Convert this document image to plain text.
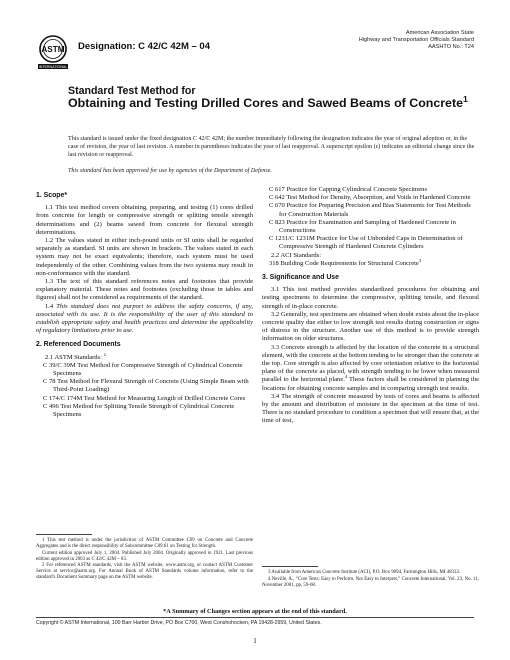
ASTM
INTERNATIONAL
Designation: C 42/C 42M – 04
American Association State
Highway and Transportation Officials Standard
AASHTO No.: T24
Standard Test Method for
Obtaining and Testing Drilled Cores and Sawed Beams of Concrete$^1$
This standard is issued under the fixed designation C 42/C 42M; the number immediately following the designation indicates the year of original adoption or, in the case of revision, the year of last revision. A number in parentheses indicates the year of last reapproval. A superscript epsilon (ε) indicates an editorial change since the last revision or reapproval.
This standard has been approved for use by agencies of the Department of Defense.
1. Scope*

1.1 This test method covers obtaining, preparing, and testing (1) cores drilled from concrete for length or compressive strength or splitting tensile strength determinations and (2) beams sawed from concrete for flexural strength determinations.

1.2 The values stated in either inch-pound units or SI units shall be regarded separately as standard. SI units are shown in brackets. The values stated in each system may not be exact equivalents; therefore, each system must be used independently of the other. Combining values from the two systems may result in non-conformance with the standard.

1.3 The text of this standard references notes and footnotes that provide explanatory material. These notes and footnotes (excluding those in tables and figures) shall not be considered as requirements of the standard.

1.4 This standard does not purport to address the safety concerns, if any, associated with its use. It is the responsibility of the user of this standard to establish appropriate safety and health practices and determine the applicability of regulatory limitations prior to use.

2. Referenced Documents

2.1 ASTM Standards: $^2$

C 39/C 39M Test Method for Compressive Strength of Cylindrical Concrete Specimens

C 78 Test Method for Flexural Strength of Concrete (Using Simple Beam with Third-Point Loading)

C 174/C 174M Test Method for Measuring Length of Drilled Concrete Cores

C 496 Test Method for Splitting Tensile Strength of Cylindrical Concrete Specimens

1 This test method is under the jurisdiction of ASTM Committee C09 on Concrete and Concrete Aggregates and is the direct responsibility of Subcommittee C09.61 on Testing for Strength.

Current edition approved July 1, 2004. Published July 2004. Originally approved in 1921. Last previous edition approved in 2003 as C 42/C 42M – 03.

2 For referenced ASTM standards, visit the ASTM website, www.astm.org, or contact ASTM Customer Service at service@astm.org. For Annual Book of ASTM Standards volume information, refer to the standard's Document Summary page on the ASTM website.

C 617 Practice for Capping Cylindrical Concrete Specimens

C 642 Test Method for Density, Absorption, and Voids in Hardened Concrete

C 670 Practice for Preparing Precision and Bias Statements for Test Methods for Construction Materials

C 823 Practice for Examination and Sampling of Hardened Concrete in Constructions

C 1231/C 1231M Practice for Use of Unbonded Caps in Determination of Compressive Strength of Hardened Concrete Cylinders

2.2 ACI Standards:

318 Building Code Requirements for Structural Concrete$^3$

3. Significance and Use

3.1 This test method provides standardized procedures for obtaining and testing specimens to determine the compressive, splitting tensile, and flexural strength of in-place concrete.

3.2 Generally, test specimens are obtained when doubt exists about the in-place concrete quality due either to low strength test results during construction or signs of distress in the structure. Another use of this method is to provide strength information on older structures.

3.3 Concrete strength is affected by the location of the concrete in a structural element, with the concrete at the bottom tending to be stronger than the concrete at the top. Core strength is also affected by core orientation relative to the horizontal plane of the concrete as placed, with strength tending to be lower when measured parallel to the horizontal plane.$^4$ These factors shall be considered in planning the locations for obtaining concrete samples and in comparing strength test results.

3.4 The strength of concrete measured by tests of cores and beams is affected by the amount and distribution of moisture in the specimen at the time of test. There is no standard procedure to condition a specimen that will ensure that, at the time of test,

3 Available from American Concrete Institute (ACI), P.O. Box 9094, Farmington Hills, MI 48333.

4 Neville, A., “Core Tests: Easy to Perform, Not Easy to Interpret,” Concrete International, Vol. 23, No. 11, November 2001, pp. 59-68.

*A Summary of Changes section appears at the end of this standard.
Copyright © ASTM International, 100 Barr Harbor Drive, PO Box C700, West Conshohocken, PA 19428-2959, United States.
1
